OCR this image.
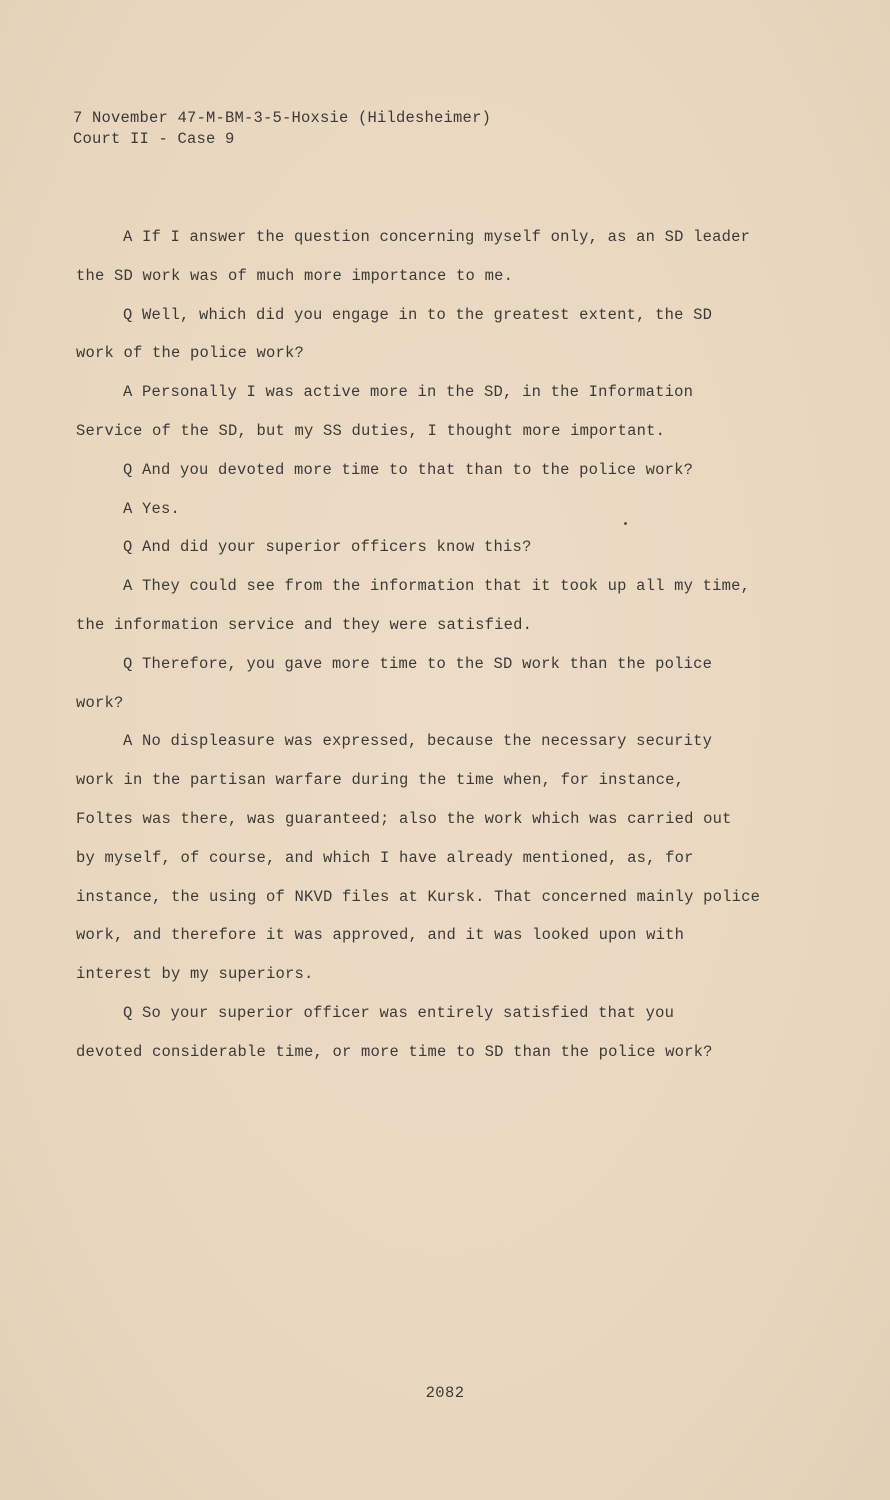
7 November 47-M-BM-3-5-Hoxsie (Hildesheimer)
Court II - Case 9
A If I answer the question concerning myself only, as an SD leader
the SD work was of much more importance to me.
Q Well, which did you engage in to the greatest extent, the SD
work of the police work?
A Personally I was active more in the SD, in the Information
Service of the SD, but my SS duties, I thought more important.
Q And you devoted more time to that than to the police work?
A Yes.
Q And did your superior officers know this?
A They could see from the information that it took up all my time,
the information service and they were satisfied.
Q Therefore, you gave more time to the SD work than the police
work?
A No displeasure was expressed, because the necessary security
work in the partisan warfare during the time when, for instance,
Foltes was there, was guaranteed; also the work which was carried out
by myself, of course, and which I have already mentioned, as, for
instance, the using of NKVD files at Kursk. That concerned mainly police
work, and therefore it was approved, and it was looked upon with
interest by my superiors.
Q So your superior officer was entirely satisfied that you
devoted considerable time, or more time to SD than the police work?
2082
